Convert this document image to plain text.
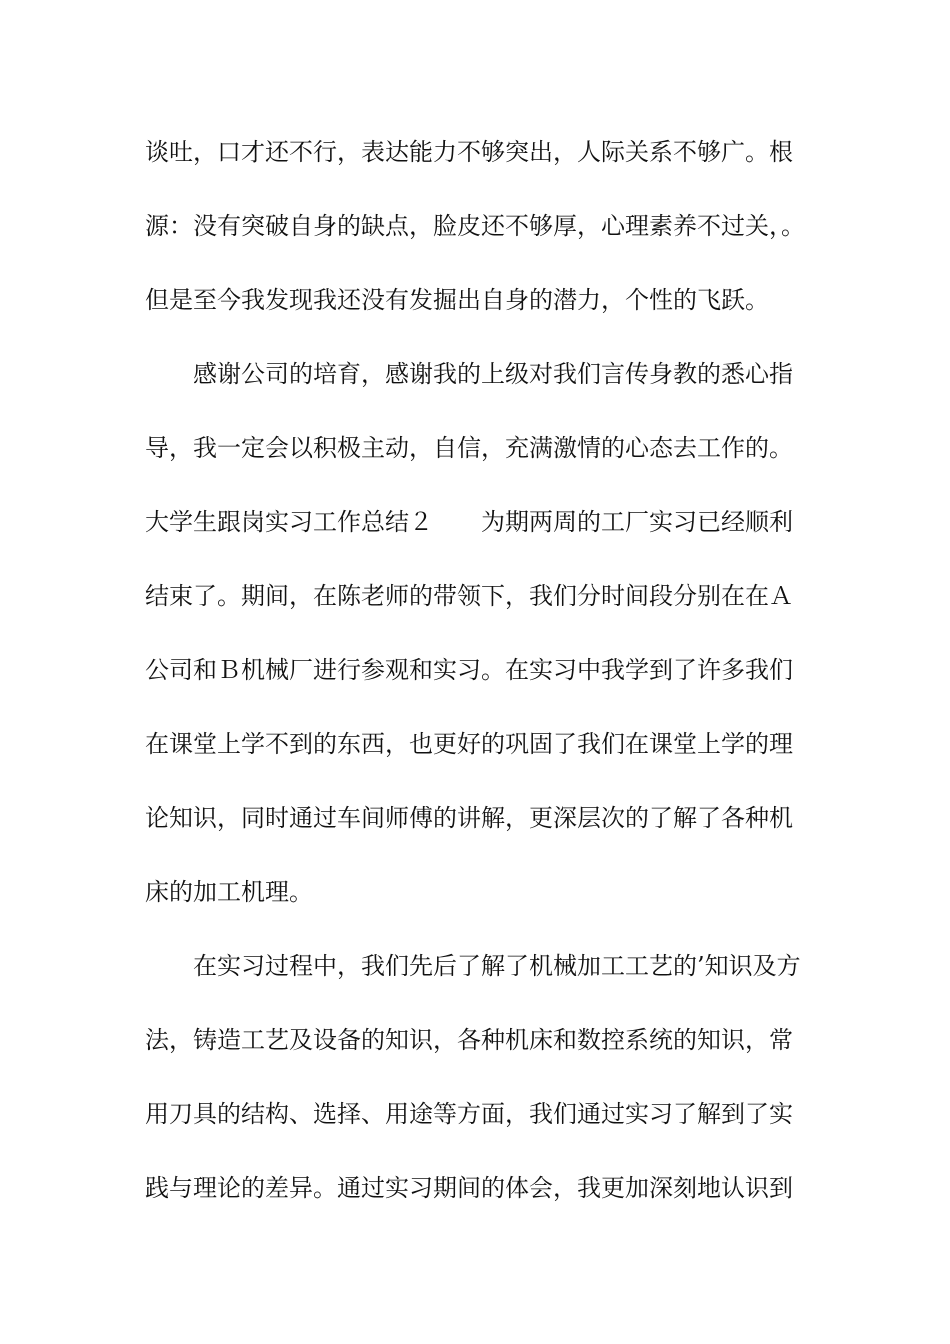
谈吐，口才还不行，表达能力不够突出，人际关系不够广。根
源：没有突破自身的缺点，脸皮还不够厚，心理素养不过关，。
但是至今我发现我还没有发掘出自身的潜力，个性的飞跃。
感谢公司的培育，感谢我的上级对我们言传身教的悉心指
导，我一定会以积极主动，自信，充满激情的心态去工作的。
大学生跟岗实习工作总结２　　为期两周的工厂实习已经顺利
结束了。期间，在陈老师的带领下，我们分时间段分别在在Ａ
公司和Ｂ机械厂进行参观和实习。在实习中我学到了许多我们
在课堂上学不到的东西，也更好的巩固了我们在课堂上学的理
论知识，同时通过车间师傅的讲解，更深层次的了解了各种机
床的加工机理。
在实习过程中，我们先后了解了机械加工工艺的’知识及方
法，铸造工艺及设备的知识，各种机床和数控系统的知识，常
用刀具的结构、选择、用途等方面，我们通过实习了解到了实
践与理论的差异。通过实习期间的体会，我更加深刻地认识到
